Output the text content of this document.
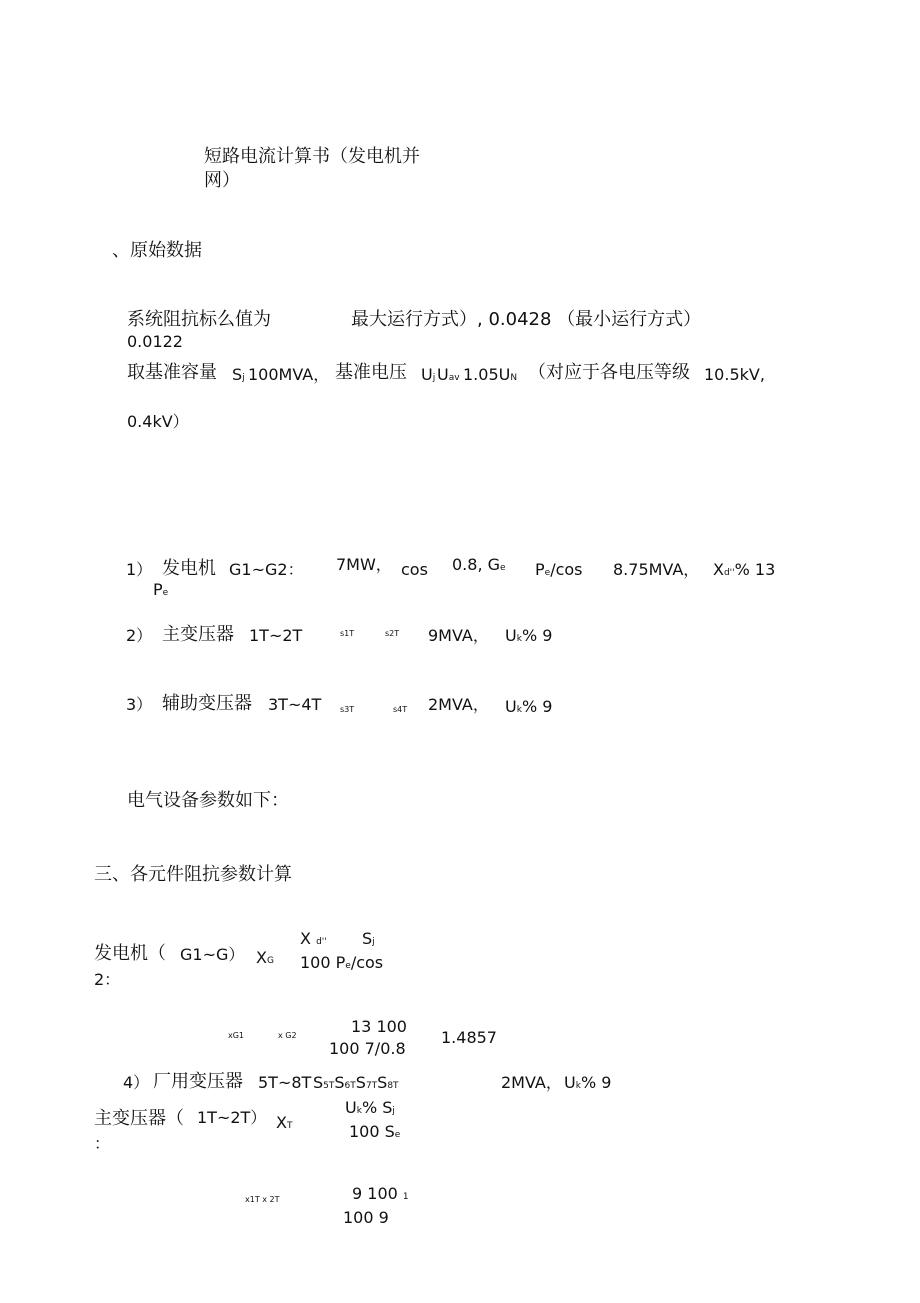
短路电流计算书（发电机并
网）
、原始数据
系统阻抗标么值为	最大运行方式）, 0.0428 （最小运行方式）
0.0122
取基准容量 Sj 100MVA， 基准电压 Uj Uav 1.05UN （对应于各电压等级 10.5kV,
0.4kV）
1） 发电机 G1~G2： 7MW， cos 0.8, Ge Pe/cos 8.75MVA， Xd''% 13
Pe
2） 主变压器 1T~2T	s1T	s2T 9MVA， Uk% 9
3） 辅助变压器 3T~4T s3T	s4T 2MVA， Uk% 9
电气设备参数如下：
三、各元件阻抗参数计算
发电机（ G1~G）
2：
XG
X d'' Sj
100 Pe/cos
xG1	x G2	13 100
100 7/0.8
1.4857
4） 厂用变压器 5T~8T S5TS6TS7TS8T	2MVA， Uk% 9
主变压器（ 1T~2T）
：
XT
Uk% Sj
100 Se
x1T x 2T	9 100 1
100 9
